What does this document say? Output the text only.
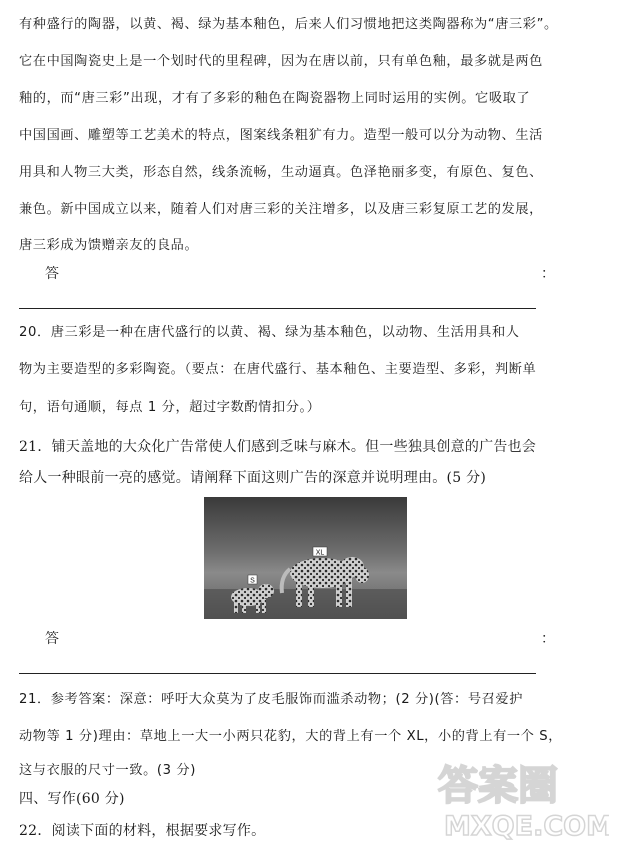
有种盛行的陶器，以黄、褐、绿为基本釉色，后来人们习惯地把这类陶器称为“唐三彩”。
它在中国陶瓷史上是一个划时代的里程碑，因为在唐以前，只有单色釉，最多就是两色
釉的，而“唐三彩”出现，才有了多彩的釉色在陶瓷器物上同时运用的实例。它吸取了
中国国画、雕塑等工艺美术的特点，图案线条粗犷有力。造型一般可以分为动物、生活
用具和人物三大类，形态自然，线条流畅，生动逼真。色泽艳丽多变，有原色、复色、
兼色。新中国成立以来，随着人们对唐三彩的关注增多，以及唐三彩复原工艺的发展，
唐三彩成为馈赠亲友的良品。
答	：
20．唐三彩是一种在唐代盛行的以黄、褐、绿为基本釉色，以动物、生活用具和人
物为主要造型的多彩陶瓷。（要点：在唐代盛行、基本釉色、主要造型、多彩，判断单
句，语句通顺，每点 1 分，超过字数酌情扣分。）
21．铺天盖地的大众化广告常使人们感到乏味与麻木。但一些独具创意的广告也会
给人一种眼前一亮的感觉。请阐释下面这则广告的深意并说明理由。(5 分)
XL
S
答	：
21．参考答案：深意：呼吁大众莫为了皮毛服饰而滥杀动物；(2 分)(答：号召爱护
动物等 1 分)理由：草地上一大一小两只花豹，大的背上有一个 XL，小的背上有一个 S，
这与衣服的尺寸一致。(3 分)
四、写作(60 分)
22．阅读下面的材料，根据要求写作。
答案圈
MXQE.COM
